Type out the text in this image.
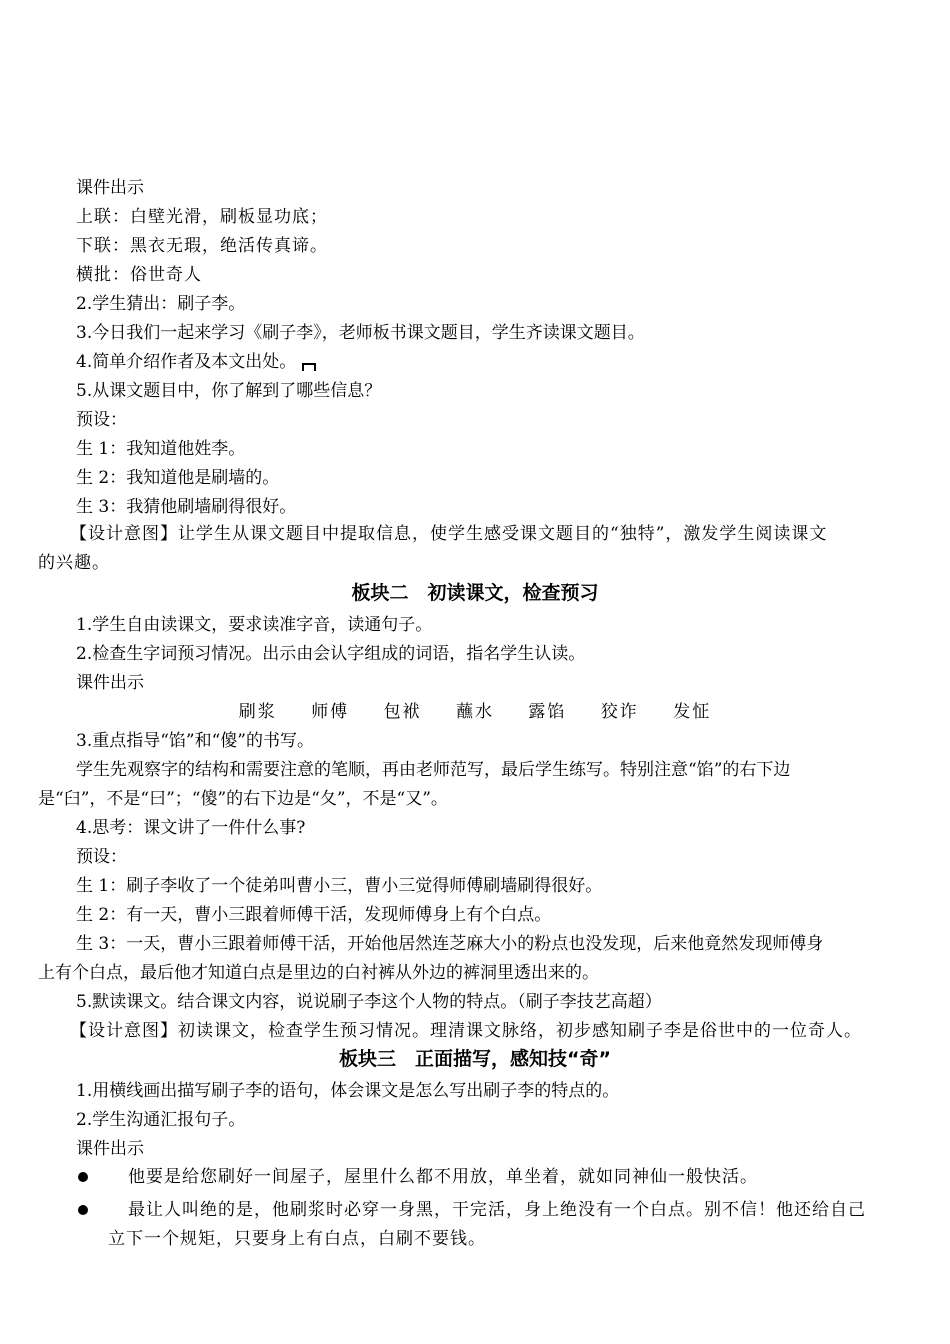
课件出示
上联：白壁光滑，刷板显功底；
下联：黑衣无瑕，绝活传真谛。
横批：俗世奇人
2.学生猜出：刷子李。
3.今日我们一起来学习《刷子李》，老师板书课文题目，学生齐读课文题目。
4.简单介绍作者及本文出处。
5.从课文题目中，你了解到了哪些信息？
预设：
生 1：我知道他姓李。
生 2：我知道他是刷墙的。
生 3：我猜他刷墙刷得很好。
【设计意图】让学生从课文题目中提取信息，使学生感受课文题目的“独特”，激发学生阅读课文
的兴趣。
板块二　初读课文，检查预习
1.学生自由读课文，要求读准字音，读通句子。
2.检查生字词预习情况。出示由会认字组成的词语，指名学生认读。
课件出示
刷浆 师傅 包袱 蘸水 露馅 狡诈 发怔
3.重点指导“馅”和“傻”的书写。
学生先观察字的结构和需要注意的笔顺，再由老师范写，最后学生练写。特别注意“馅”的右下边
是“臼”，不是“曰”；“傻”的右下边是“夂”，不是“又”。
4.思考：课文讲了一件什么事?
预设：
生 1：刷子李收了一个徒弟叫曹小三，曹小三觉得师傅刷墙刷得很好。
生 2：有一天，曹小三跟着师傅干活，发现师傅身上有个白点。
生 3：一天，曹小三跟着师傅干活，开始他居然连芝麻大小的粉点也没发现，后来他竟然发现师傅身
上有个白点，最后他才知道白点是里边的白衬裤从外边的裤洞里透出来的。
5.默读课文。结合课文内容，说说刷子李这个人物的特点。（刷子李技艺高超）
【设计意图】初读课文，检查学生预习情况。理清课文脉络，初步感知刷子李是俗世中的一位奇人。
板块三　正面描写，感知技“奇”
1.用横线画出描写刷子李的语句，体会课文是怎么写出刷子李的特点的。
2.学生沟通汇报句子。
课件出示
他要是给您刷好一间屋子，屋里什么都不用放，单坐着，就如同神仙一般快活。
最让人叫绝的是，他刷浆时必穿一身黑，干完活，身上绝没有一个白点。别不信！他还给自己
立下一个规矩，只要身上有白点，白刷不要钱。
